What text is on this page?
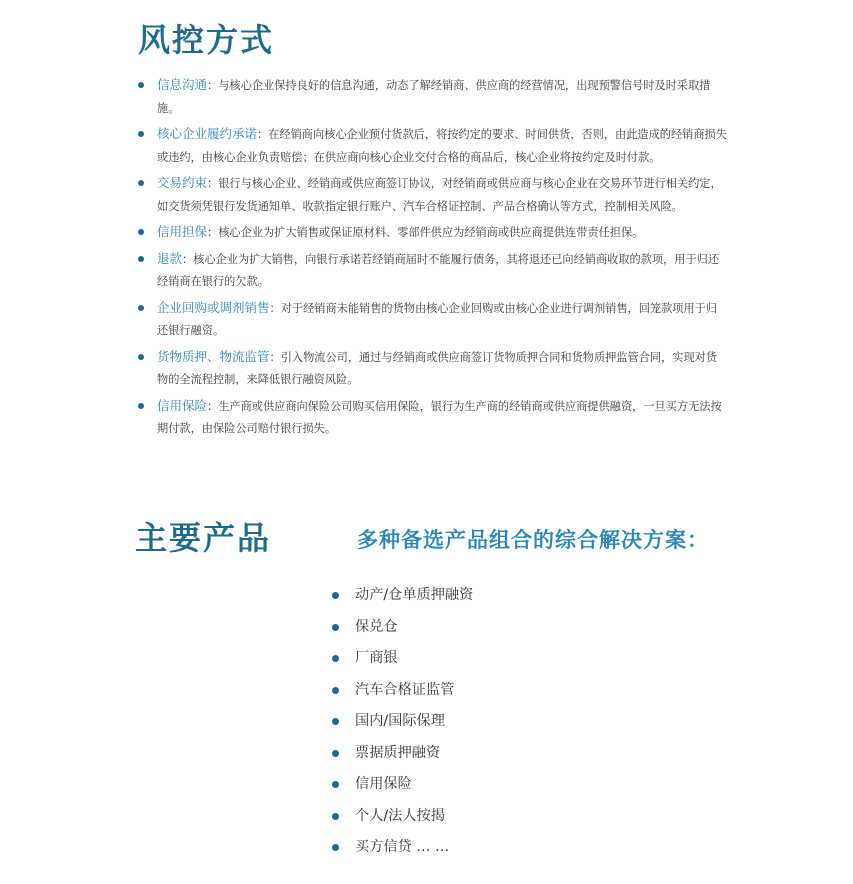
风控方式
信息沟通：与核心企业保持良好的信息沟通，动态了解经销商、供应商的经营情况，出现预警信号时及时采取措施。
核心企业履约承诺：在经销商向核心企业预付货款后，将按约定的要求、时间供货，否则，由此造成的经销商损失或违约，由核心企业负责赔偿；在供应商向核心企业交付合格的商品后，核心企业将按约定及时付款。
交易约束：银行与核心企业、经销商或供应商签订协议，对经销商或供应商与核心企业在交易环节进行相关约定，如交货须凭银行发货通知单、收款指定银行账户、汽车合格证控制、产品合格确认等方式，控制相关风险。
信用担保：核心企业为扩大销售或保证原材料、零部件供应为经销商或供应商提供连带责任担保。
退款：核心企业为扩大销售，向银行承诺若经销商届时不能履行债务，其将退还已向经销商收取的款项，用于归还经销商在银行的欠款。
企业回购或调剂销售：对于经销商未能销售的货物由核心企业回购或由核心企业进行调剂销售，回笼款项用于归还银行融资。
货物质押、物流监管：引入物流公司，通过与经销商或供应商签订货物质押合同和货物质押监管合同，实现对货物的全流程控制，来降低银行融资风险。
信用保险：生产商或供应商向保险公司购买信用保险，银行为生产商的经销商或供应商提供融资，一旦买方无法按期付款，由保险公司赔付银行损失。
主要产品	多种备选产品组合的综合解决方案：
动产/仓单质押融资
保兑仓
厂商银
汽车合格证监管
国内/国际保理
票据质押融资
信用保险
个人/法人按揭
买方信贷 … …
